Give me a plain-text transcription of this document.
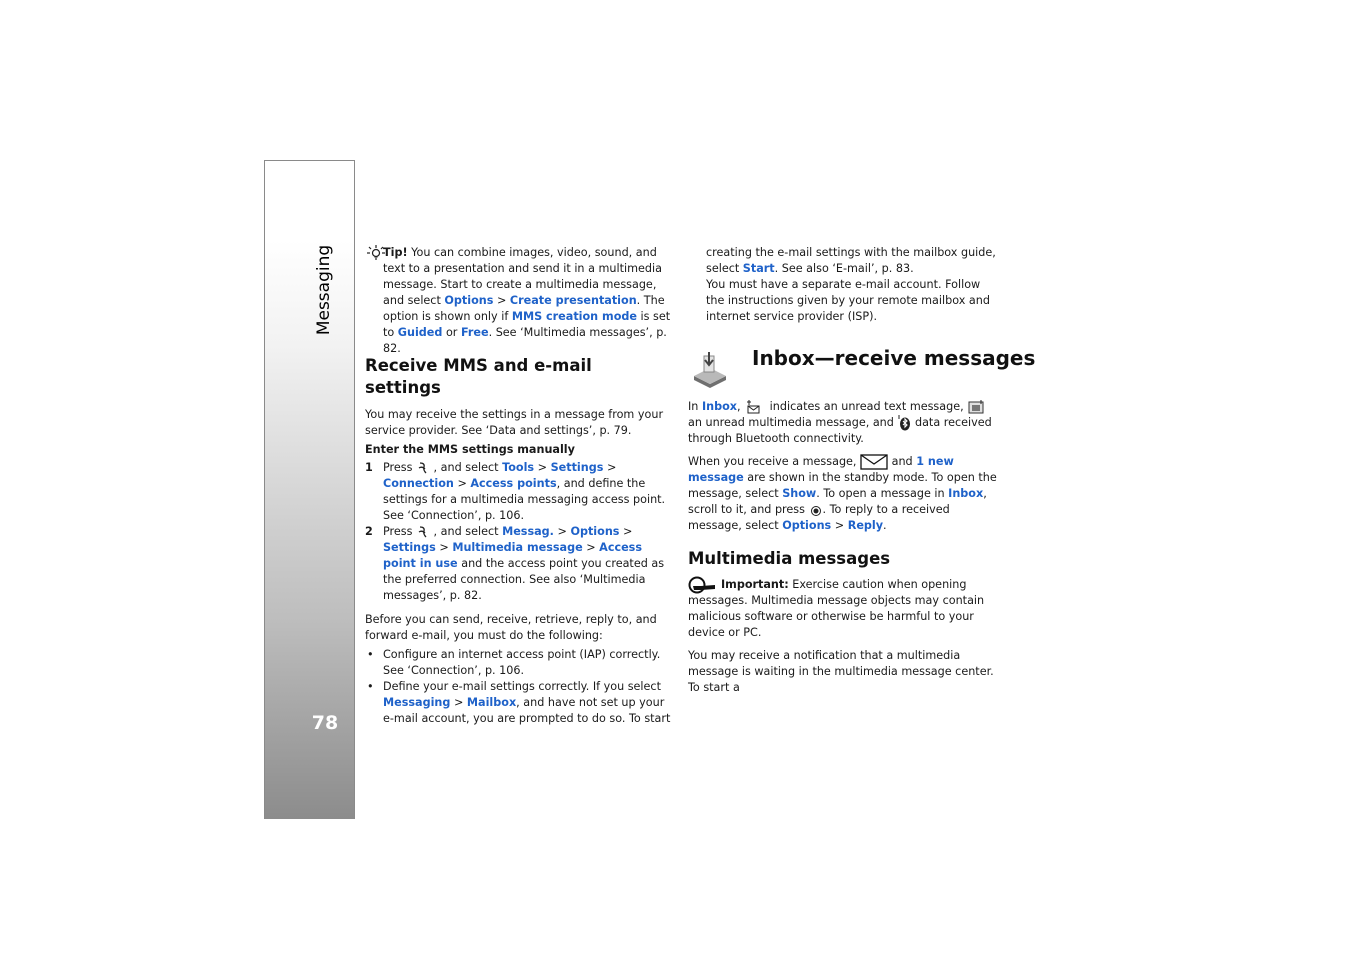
Messaging
78

Tip! You can combine images, video, sound, and text to a presentation and send it in a multimedia message. Start to create a multimedia message, and select Options > Create presentation. The option is shown only if MMS creation mode is set to Guided or Free. See ‘Multimedia messages’, p. 82.

Receive MMS and e-mail settings

You may receive the settings in a message from your service provider. See ‘Data and settings’, p. 79.

Enter the MMS settings manually

1 Press  , and select Tools > Settings > Connection > Access points, and define the settings for a multimedia messaging access point. See ‘Connection’, p. 106.
2 Press  , and select Messag. > Options > Settings > Multimedia message > Access point in use and the access point you created as the preferred connection. See also ‘Multimedia messages’, p. 82.

Before you can send, receive, retrieve, reply to, and forward e-mail, you must do the following:

• Configure an internet access point (IAP) correctly. See ‘Connection’, p. 106.
• Define your e-mail settings correctly. If you select Messaging > Mailbox, and have not set up your e-mail account, you are prompted to do so. To start

creating the e-mail settings with the mailbox guide, select Start. See also ‘E-mail’, p. 83.

You must have a separate e-mail account. Follow the instructions given by your remote mailbox and internet service provider (ISP).

Inbox—receive messages

In Inbox,  indicates an unread text message,  an unread multimedia message, and  data received through Bluetooth connectivity.

When you receive a message,	and 1 new message are shown in the standby mode. To open the message, select Show. To open a message in Inbox, scroll to it, and press . To reply to a received message, select Options > Reply.

Multimedia messages

Important: Exercise caution when opening messages. Multimedia message objects may contain malicious software or otherwise be harmful to your device or PC.

You may receive a notification that a multimedia message is waiting in the multimedia message center. To start a
